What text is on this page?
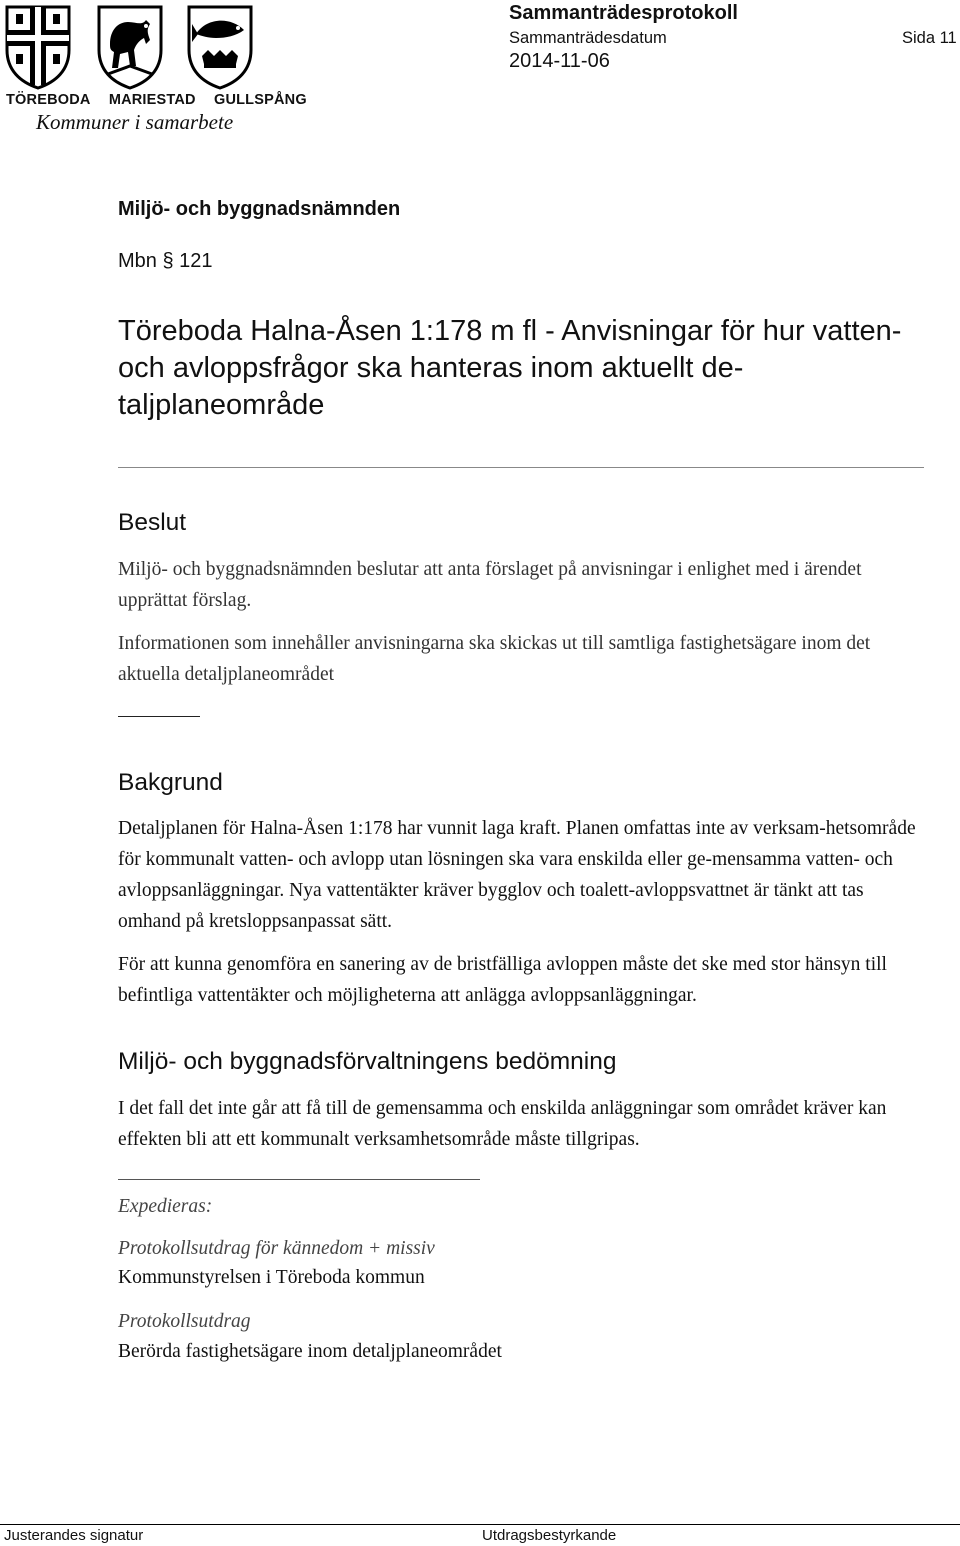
TÖREBODA MARIESTAD GULLSPÅNG
Kommuner i samarbete
Sammanträdesprotokoll
Sammanträdesdatum	Sida 11
2014-11-06
Miljö- och byggnadsnämnden
Mbn § 121
Töreboda Halna-Åsen 1:178 m fl - Anvisningar för hur vatten- och avloppsfrågor ska hanteras inom aktuellt de-taljplaneområde
Beslut
Miljö- och byggnadsnämnden beslutar att anta förslaget på anvisningar i enlighet med i ärendet upprättat förslag.
Informationen som innehåller anvisningarna ska skickas ut till samtliga fastighetsägare inom det aktuella detaljplaneområdet
Bakgrund
Detaljplanen för Halna-Åsen 1:178 har vunnit laga kraft. Planen omfattas inte av verksam-hetsområde för kommunalt vatten- och avlopp utan lösningen ska vara enskilda eller ge-mensamma vatten- och avloppsanläggningar. Nya vattentäkter kräver bygglov och toalett-avloppsvattnet är tänkt att tas omhand på kretsloppsanpassat sätt.
För att kunna genomföra en sanering av de bristfälliga avloppen måste det ske med stor hänsyn till befintliga vattentäkter och möjligheterna att anlägga avloppsanläggningar.
Miljö- och byggnadsförvaltningens bedömning
I det fall det inte går att få till de gemensamma och enskilda anläggningar som området kräver kan effekten bli att ett kommunalt verksamhetsområde måste tillgripas.
Expedieras:
Protokollsutdrag för kännedom + missiv
Kommunstyrelsen i Töreboda kommun
Protokollsutdrag
Berörda fastighetsägare inom detaljplaneområdet
Justerandes signatur	Utdragsbestyrkande
